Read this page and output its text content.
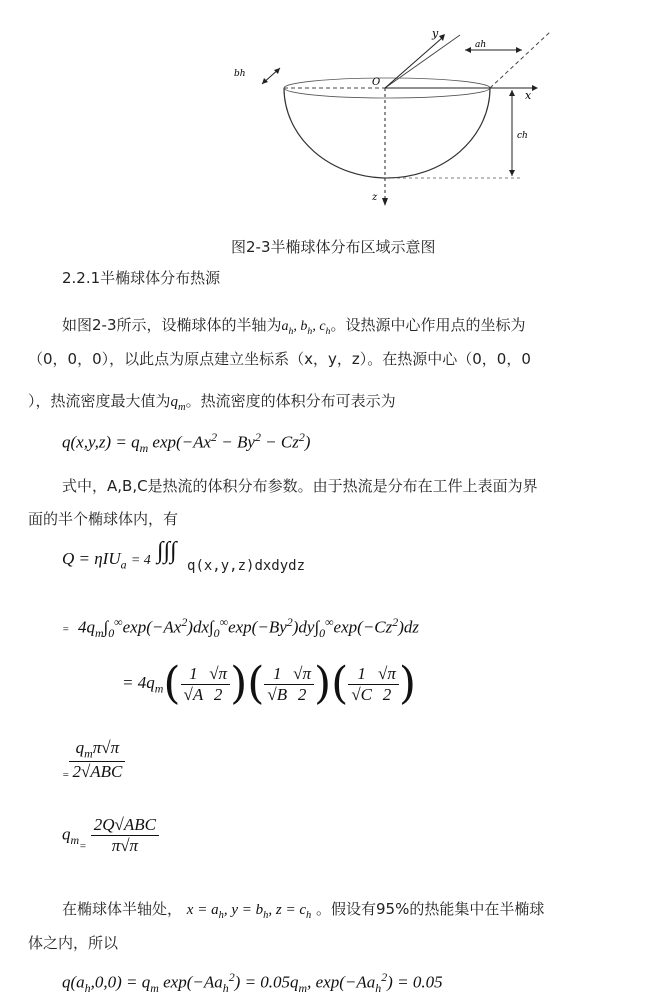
y
x
z
O
ah
bh
ch
图2-3半椭球体分布区域示意图
2.2.1半椭球体分布热源
如图2-3所示，设椭球体的半轴为$a_h$, $b_h$, $c_h$。设热源中心作用点的坐标为
（0，0，0），以此点为原点建立坐标系（x，y，z）。在热源中心（0，0，0
），热流密度最大值为$q_m$。热流密度的体积分布可表示为
$q(x,y,z) = q_m$ $\exp(-Ax^2 - By^2 - Cz^2)$
式中，A,B,C是热流的体积分布参数。由于热流是分布在工件上表面为界
面的半个椭球体内，有
Q = ηIU$_a$ = 4 ∫∫∫ $_{q(x,y,z)dxdydz}$
=  $4q_m\int_0^\infty\exp(-Ax^2)dx\int_0^\infty\exp(-By^2)dy\int_0^\infty\exp(-Cz^2)dz$
= $4q_m( \frac{1}{√A} \frac{√\pi}{2}$ )( $\frac{1}{√B} \frac{√\pi}{2}$ )( $\frac{1}{√C} \frac{√\pi}{2}$ )
$_= \frac{q_m\pi√\pi}{\text{2√ABC}}$
$q_{m=} \frac{\text{2Q√ABC}}{\pi√\pi}$
在椭球体半轴处， $x = a_h$, $y = b_h$, $z = c_h$ 。假设有95%的热能集中在半椭球
体之内，所以
$q(a_h,0,0) = q_m$ $\exp(-Aa_h^2) = 0.05q_m$, $\exp(-Aa_h^2) = 0.05$
